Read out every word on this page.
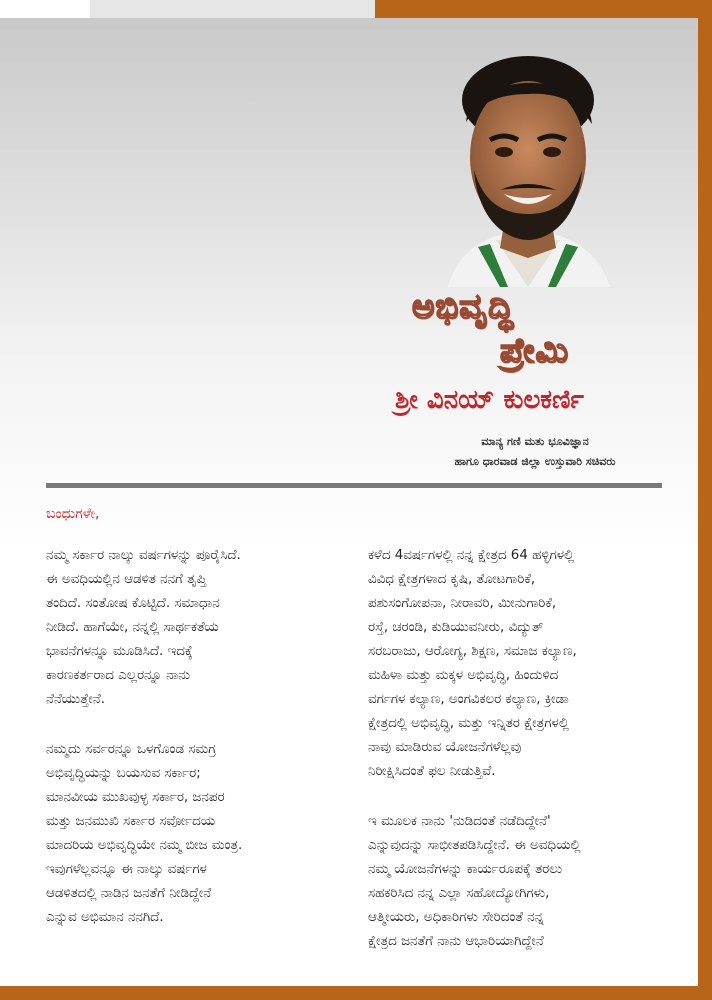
ಅಭಿವೃದ್ಧಿ
ಪ್ರೇಮಿ
ಶ್ರೀ ವಿನಯ್ ಕುಲಕರ್ಣಿ
ಮಾನ್ಯ ಗಣಿ ಮತು ಭೂವಿಜ್ಞಾನ
ಹಾಗೂ ಧಾರವಾಡ ಜಿಲ್ಲಾ ಉಸ್ತುವಾರಿ ಸಚಿವರು
ಬಂಧುಗಳೇ,

ನಮ್ಮ ಸರ್ಕಾರ ನಾಲ್ಕು ವರ್ಷಗಳನ್ನು ಪೂರೈಸಿದೆ.
ಈ ಅವಧಿಯಲ್ಲಿನ ಆಡಳಿತ ನನಗೆ ತೃಪ್ತಿ
ತಂದಿದೆ. ಸಂತೋಷ ಕೊಟ್ಟಿದೆ. ಸಮಾಧಾನ
ನೀಡಿದೆ. ಹಾಗೆಯೇ, ನನ್ನಲ್ಲಿ ಸಾರ್ಥಕತೆಯ
ಭಾವನೆಗಳನ್ನೂ ಮೂಡಿಸಿದೆ. ಇದಕ್ಕೆ
ಕಾರಣಕರ್ತರಾದ ಎಲ್ಲರನ್ನೂ ನಾನು
ನೆನೆಯುತ್ತೇನೆ.

ನಮ್ಮದು ಸರ್ವರನ್ನೂ ಒಳಗೊಂಡ ಸಮಗ್ರ
ಅಭಿವೃದ್ಧಿಯನ್ನು ಬಯಸುವ ಸರ್ಕಾರ;
ಮಾನವೀಯ ಮುಖವುಳ್ಳ ಸರ್ಕಾರ, ಜನಪರ
ಮತ್ತು ಜನಮುಖಿ ಸರ್ಕಾರ ಸರ್ವೋದಯ
ಮಾದರಿಯ ಅಭಿವೃದ್ಧಿಯೇ ನಮ್ಮ ಬೀಜ ಮಂತ್ರ.
ಇವುಗಳೆಲ್ಲವನ್ನೂ ಈ ನಾಲ್ಕು ವರ್ಷಗಳ
ಆಡಳಿತದಲ್ಲಿ ನಾಡಿನ ಜನತೆಗೆ ನೀಡಿದ್ದೇನೆ
ಎನ್ನುವ ಅಭಿಮಾನ ನನಗಿದೆ.

ಕಳೆದ 4ವರ್ಷಗಳಲ್ಲಿ ನನ್ನ ಕ್ಷೇತ್ರದ 64 ಹಳ್ಳಿಗಳಲ್ಲಿ
ವಿವಿಧ ಕ್ಷೇತ್ರಗಳಾದ ಕೃಷಿ, ತೋಟಗಾರಿಕೆ,
ಪಶುಸಂಗೋಪನಾ, ನೀರಾವರಿ, ಮೀನುಗಾರಿಕೆ,
ರಸ್ತೆ, ಚರಂಡಿ, ಕುಡಿಯುವನೀರು, ವಿದ್ಯುತ್
ಸರಬರಾಜು, ಆರೋಗ್ಯ, ಶಿಕ್ಷಣ, ಸಮಾಜ ಕಲ್ಯಾಣ,
ಮಹಿಳಾ ಮತ್ತು ಮಕ್ಕಳ ಅಭಿವೃದ್ಧಿ, ಹಿಂದುಳಿದ
ವರ್ಗಗಳ ಕಲ್ಯಾಣ, ಅಂಗವಿಕಲರ ಕಲ್ಯಾಣ, ಕ್ರೀಡಾ
ಕ್ಷೇತ್ರದಲ್ಲಿ ಅಭಿವೃದ್ಧಿ, ಮತ್ತು ಇನ್ನಿತರ ಕ್ಷೇತ್ರಗಳಲ್ಲಿ
ನಾವು ಮಾಡಿರುವ ಯೋಜನೆಗಳೆಲ್ಲವು
ನಿರೀಕ್ಷಿಸಿದಂತೆ ಫಲ ನೀಡುತ್ತಿವೆ.

ಇ ಮೂಲಕ ನಾನು 'ನುಡಿದಂತೆ ನಡೆದಿದ್ದೇನೆ'
ಎನ್ನುವುದನ್ನು ಸಾಭೀತಪಡಿಸಿದ್ದೇನೆ. ಈ ಅವಧಿಯಲ್ಲಿ
ನಮ್ಮ ಯೋಜನೆಗಳನ್ನು ಕಾರ್ಯರೂಪಕ್ಕೆ ತರಲು
ಸಹಕರಿಸಿದ ನನ್ನ ಎಲ್ಲಾ ಸಹೋದ್ಯೋಗಿಗಳು,
ಆತ್ಮೀಯರು, ಅಧಿಕಾರಿಗಳು ಸೇರಿದಂತೆ ನನ್ನ
ಕ್ಷೇತ್ರದ ಜನತೆಗೆ ನಾನು ಆಭಾರಿಯಾಗಿದ್ದೇನೆ
